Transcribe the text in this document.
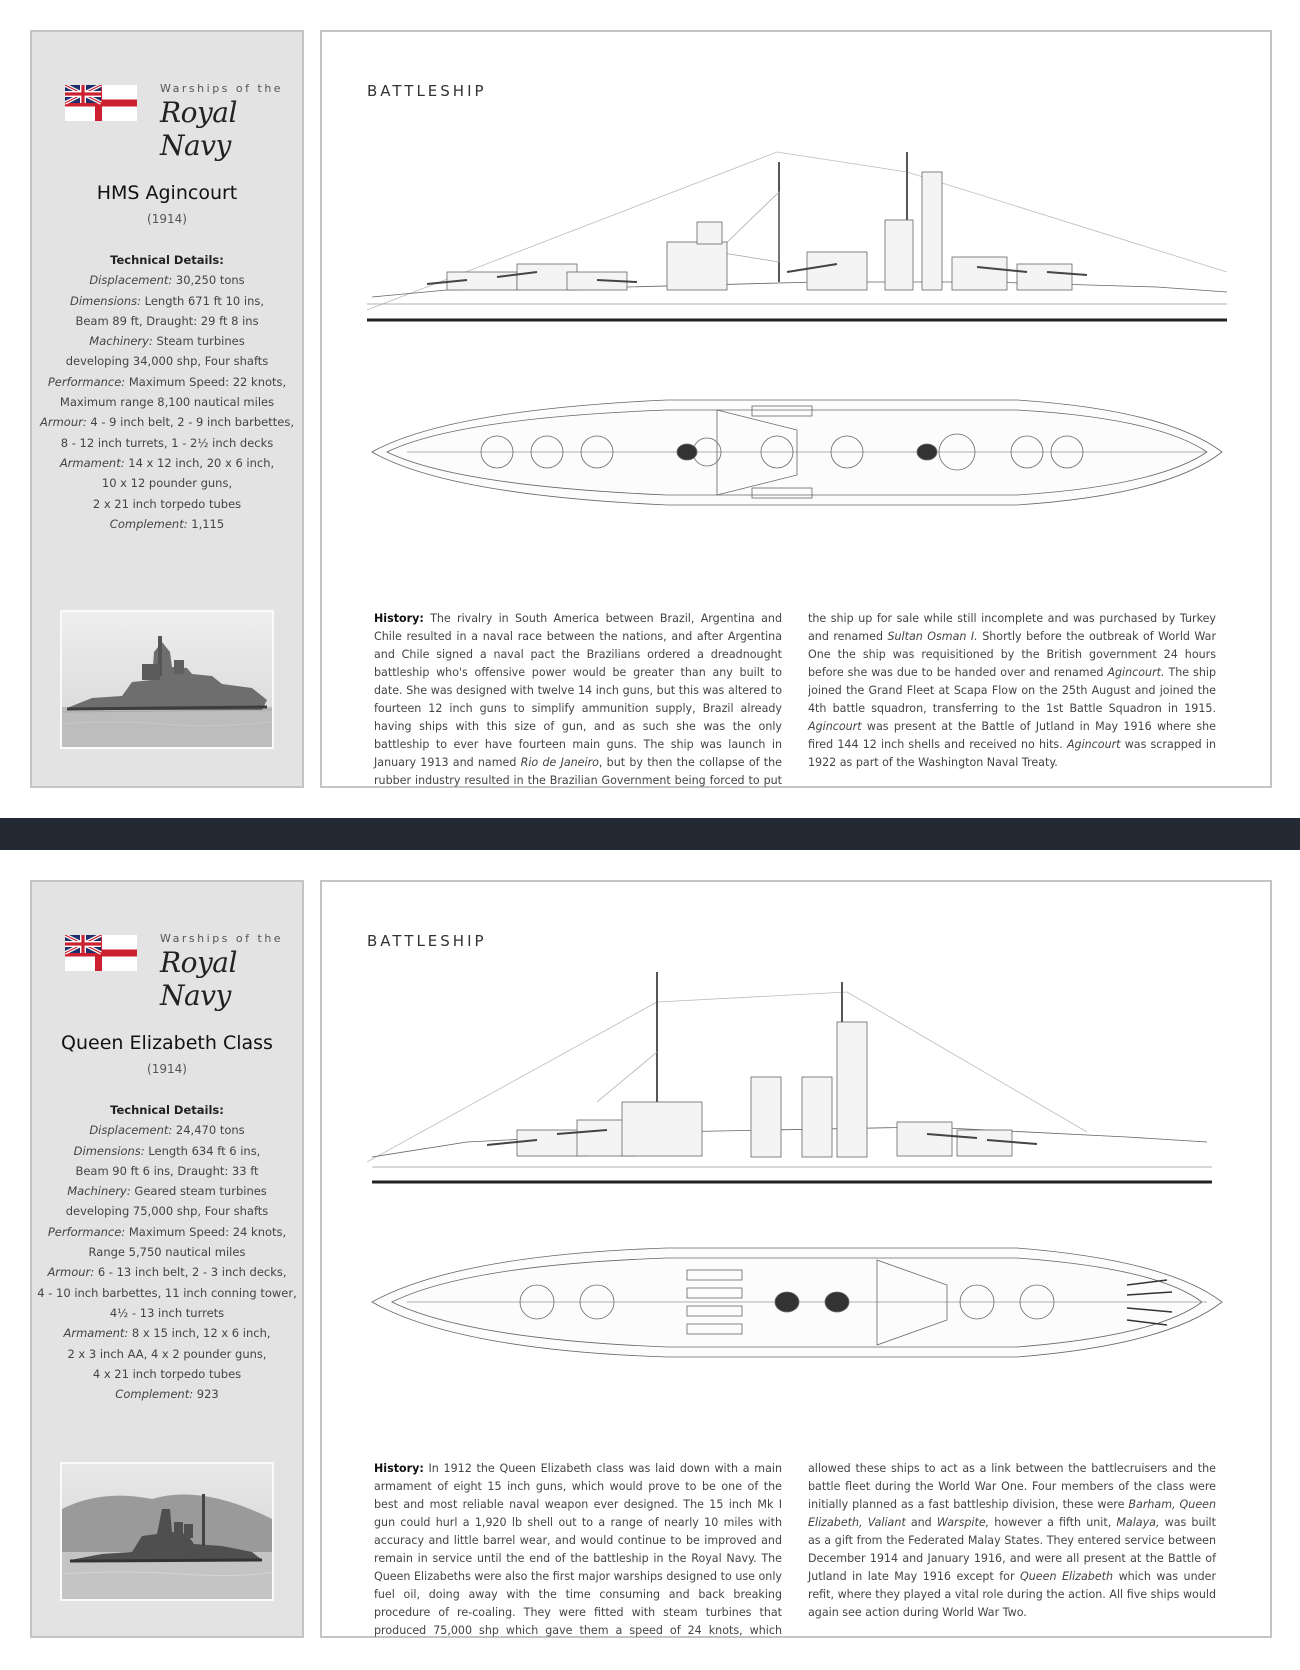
Warships of the
Royal Navy
HMS Agincourt
(1914)
Technical Details:
Displacement: 30,250 tons
Dimensions: Length 671 ft 10 ins,
Beam 89 ft, Draught: 29 ft 8 ins
Machinery: Steam turbines
developing 34,000 shp, Four shafts
Performance: Maximum Speed: 22 knots,
Maximum range 8,100 nautical miles
Armour: 4 - 9 inch belt, 2 - 9 inch barbettes,
8 - 12 inch turrets, 1 - 2½ inch decks
Armament: 14 x 12 inch, 20 x 6 inch,
10 x 12 pounder guns,
2 x 21 inch torpedo tubes
Complement: 1,115
BATTLESHIP
History: The rivalry in South America between Brazil, Argentina and Chile resulted in a naval race between the nations, and after Argentina and Chile signed a naval pact the Brazilians ordered a dreadnought battleship who's offensive power would be greater than any built to date. She was designed with twelve 14 inch guns, but this was altered to fourteen 12 inch guns to simplify ammunition supply, Brazil already having ships with this size of gun, and as such she was the only battleship to ever have fourteen main guns. The ship was launch in January 1913 and named Rio de Janeiro, but by then the collapse of the rubber industry resulted in the Brazilian Government being forced to put the ship up for sale while still incomplete and was purchased by Turkey and renamed Sultan Osman I. Shortly before the outbreak of World War One the ship was requisitioned by the British government 24 hours before she was due to be handed over and renamed Agincourt. The ship joined the Grand Fleet at Scapa Flow on the 25th August and joined the 4th battle squadron, transferring to the 1st Battle Squadron in 1915. Agincourt was present at the Battle of Jutland in May 1916 where she fired 144 12 inch shells and received no hits. Agincourt was scrapped in 1922 as part of the Washington Naval Treaty.
Warships of the
Royal Navy
Queen Elizabeth Class
(1914)
Technical Details:
Displacement: 24,470 tons
Dimensions: Length 634 ft 6 ins,
Beam 90 ft 6 ins, Draught: 33 ft
Machinery: Geared steam turbines
developing 75,000 shp, Four shafts
Performance: Maximum Speed: 24 knots,
Range 5,750 nautical miles
Armour: 6 - 13 inch belt, 2 - 3 inch decks,
4 - 10 inch barbettes, 11 inch conning tower,
4½ - 13 inch turrets
Armament: 8 x 15 inch, 12 x 6 inch,
2 x 3 inch AA, 4 x 2 pounder guns,
4 x 21 inch torpedo tubes
Complement: 923
BATTLESHIP
History: In 1912 the Queen Elizabeth class was laid down with a main armament of eight 15 inch guns, which would prove to be one of the best and most reliable naval weapon ever designed. The 15 inch Mk I gun could hurl a 1,920 lb shell out to a range of nearly 10 miles with accuracy and little barrel wear, and would continue to be improved and remain in service until the end of the battleship in the Royal Navy. The Queen Elizabeths were also the first major warships designed to use only fuel oil, doing away with the time consuming and back breaking procedure of re-coaling. They were fitted with steam turbines that produced 75,000 shp which gave them a speed of 24 knots, which allowed these ships to act as a link between the battlecruisers and the battle fleet during the World War One. Four members of the class were initially planned as a fast battleship division, these were Barham, Queen Elizabeth, Valiant and Warspite, however a fifth unit, Malaya, was built as a gift from the Federated Malay States. They entered service between December 1914 and January 1916, and were all present at the Battle of Jutland in late May 1916 except for Queen Elizabeth which was under refit, where they played a vital role during the action. All five ships would again see action during World War Two.
